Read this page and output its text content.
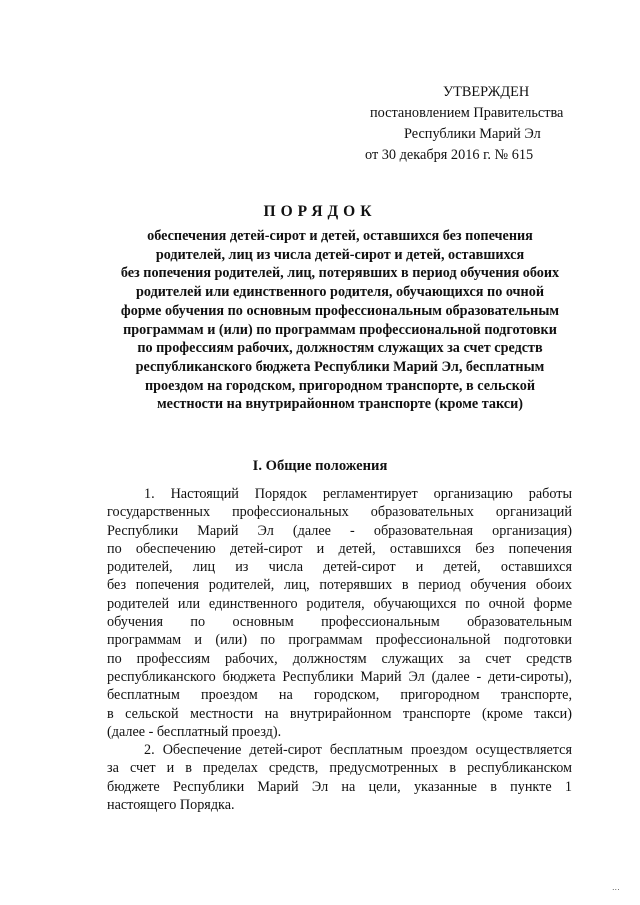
УТВЕРЖДЕН
постановлением Правительства
Республики Марий Эл
от 30 декабря 2016 г. № 615
ПОРЯДОК
обеспечения детей-сирот и детей, оставшихся без попечения
родителей, лиц из числа детей-сирот и детей, оставшихся
без попечения родителей, лиц, потерявших в период обучения обоих
родителей или единственного родителя, обучающихся по очной
форме обучения по основным профессиональным образовательным
программам и (или) по программам профессиональной подготовки
по профессиям рабочих, должностям служащих за счет средств
республиканского бюджета Республики Марий Эл, бесплатным
проездом на городском, пригородном транспорте, в сельской
местности на внутрирайонном транспорте (кроме такси)
I. Общие положения
1. Настоящий Порядок регламентирует организацию работы
государственных профессиональных образовательных организаций
Республики Марий Эл (далее - образовательная организация)
по обеспечению детей-сирот и детей, оставшихся без попечения
родителей, лиц из числа детей-сирот и детей, оставшихся
без попечения родителей, лиц, потерявших в период обучения обоих
родителей или единственного родителя, обучающихся по очной форме
обучения по основным профессиональным образовательным
программам и (или) по программам профессиональной подготовки
по профессиям рабочих, должностям служащих за счет средств
республиканского бюджета Республики Марий Эл (далее - дети-сироты),
бесплатным проездом на городском, пригородном транспорте,
в сельской местности на внутрирайонном транспорте (кроме такси)
(далее - бесплатный проезд).
2. Обеспечение детей-сирот бесплатным проездом осуществляется
за счет и в пределах средств, предусмотренных в республиканском
бюджете Республики Марий Эл на цели, указанные в пункте 1
настоящего Порядка.
...
